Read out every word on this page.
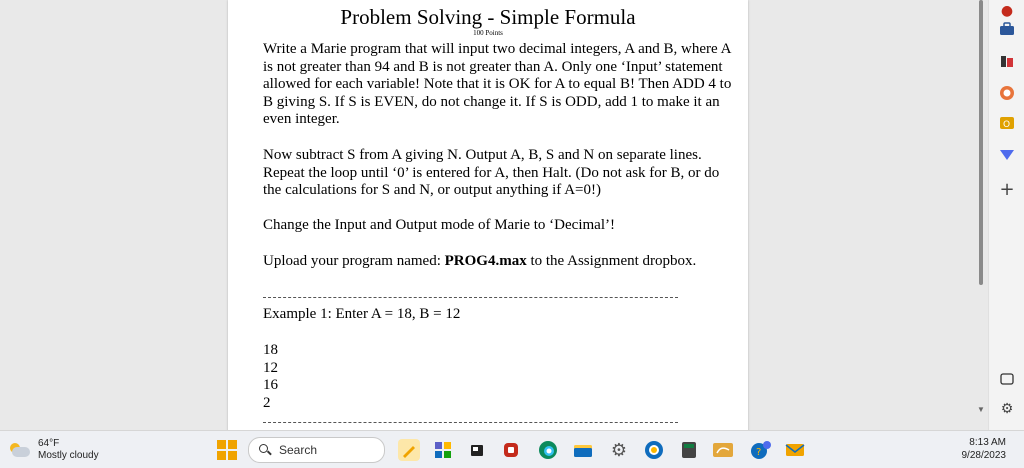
Problem Solving - Simple Formula
100 Points
Write a Marie program that will input two decimal integers, A and B, where A is not greater than 94 and B is not greater than A. Only one ‘Input’ statement allowed for each variable! Note that it is OK for A to equal B! Then ADD 4 to B giving S. If S is EVEN, do not change it. If S is ODD, add 1 to make it an even integer.
Now subtract S from A giving N. Output A, B, S and N on separate lines. Repeat the loop until ‘0’ is entered for A, then Halt. (Do not ask for B, or do the calculations for S and N, or output anything if A=0!)
Change the Input and Output mode of Marie to ‘Decimal’!
Upload your program named: PROG4.max to the Assignment dropbox.
Example 1: Enter A = 18, B = 12
18
12
16
2	▼
●
O
+
⚙
64°F
Mostly cloudy	Search	⚙	?
8:13 AM
9/28/2023
